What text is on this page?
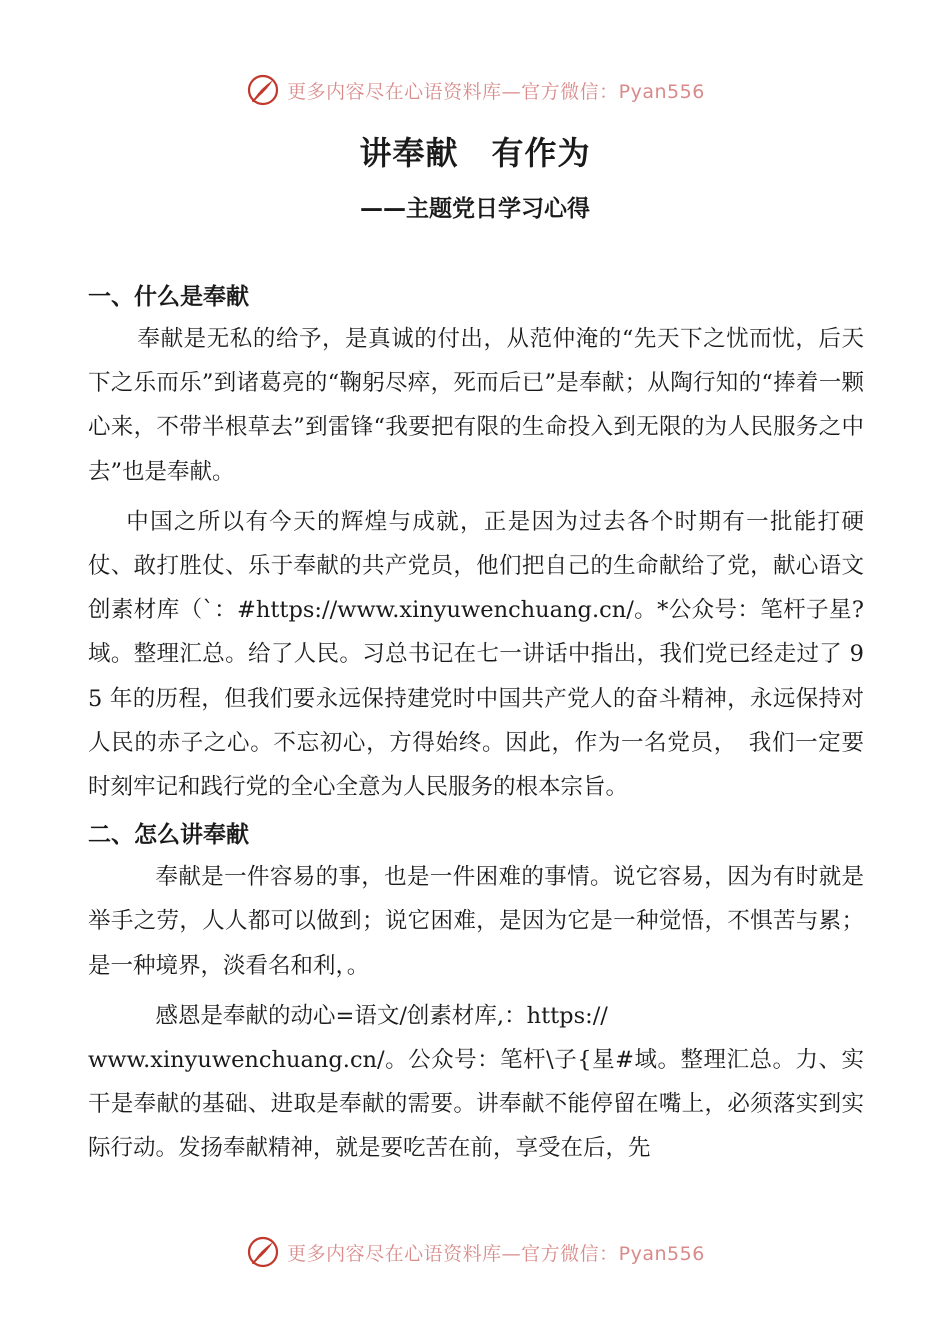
更多内容尽在心语资料库—官方微信：Pyan556
讲奉献　有作为
——主题党日学习心得
一、什么是奉献

奉献是无私的给予，是真诚的付出，从范仲淹的“先天下之忧而忧，后天下之乐而乐”到诸葛亮的“鞠躬尽瘁，死而后已”是奉献；从陶行知的“捧着一颗心来，不带半根草去”到雷锋“我要把有限的生命投入到无限的为人民服务之中去”也是奉献。

中国之所以有今天的辉煌与成就，正是因为过去各个时期有一批能打硬仗、敢打胜仗、乐于奉献的共产党员，他们把自己的生命献给了党，献心语文创素材库（`：#https://www.xinyuwenchuang.cn/。*公众号：笔杆子星?域。整理汇总。给了人民。习总书记在七一讲话中指出，我们党已经走过了 95 年的历程，但我们要永远保持建党时中国共产党人的奋斗精神，永远保持对人民的赤子之心。不忘初心，方得始终。因此，作为一名党员，　我们一定要时刻牢记和践行党的全心全意为人民服务的根本宗旨。

二、怎么讲奉献

奉献是一件容易的事，也是一件困难的事情。说它容易，因为有时就是举手之劳，人人都可以做到；说它困难，是因为它是一种觉悟，不惧苦与累；是一种境界，淡看名和利，。

感恩是奉献的动心=语文/创素材库,：https://

www.xinyuwenchuang.cn/。公众号：笔杆\子{星#域。整理汇总。力、实干是奉献的基础、进取是奉献的需要。讲奉献不能停留在嘴上，必须落实到实际行动。发扬奉献精神，就是要吃苦在前，享受在后，先

更多内容尽在心语资料库—官方微信：Pyan556
